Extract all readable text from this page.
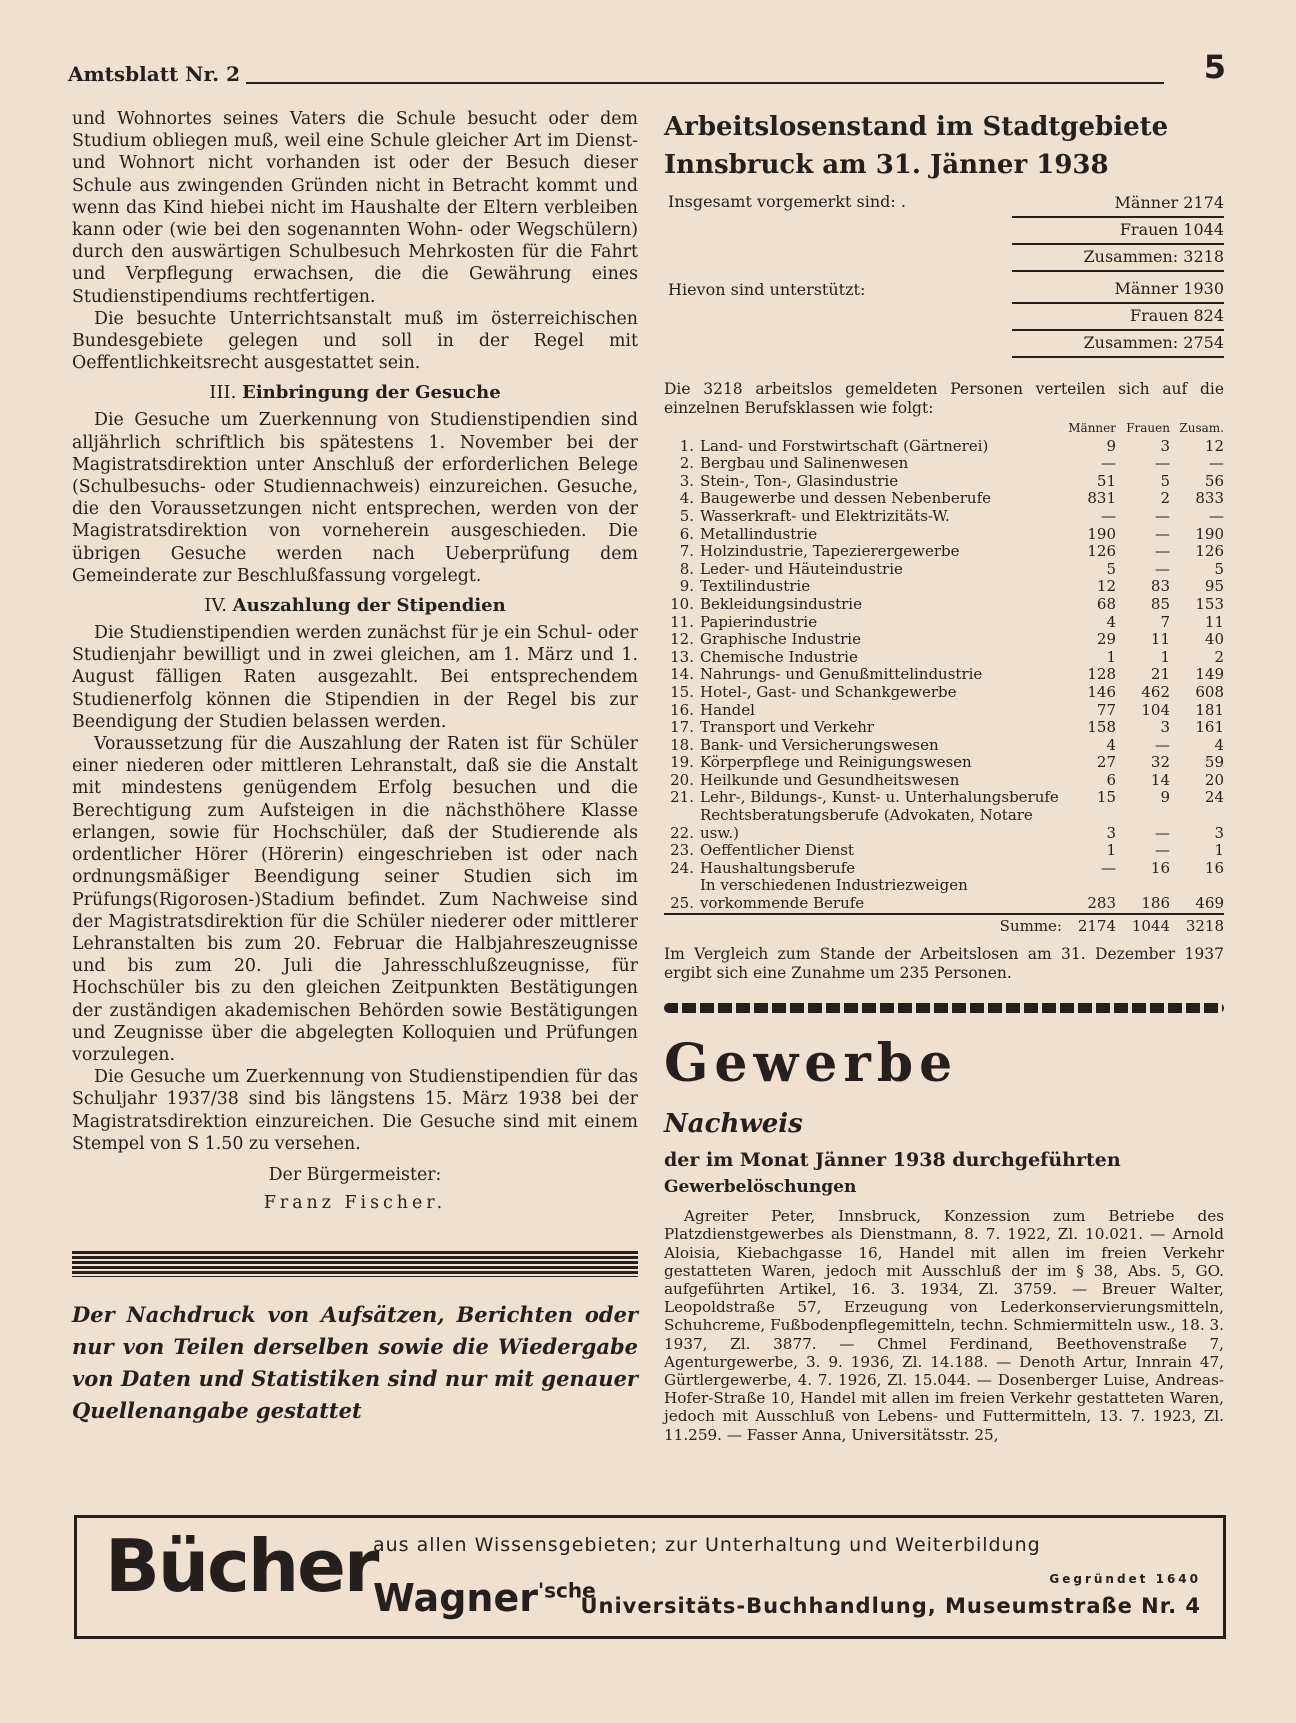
Amtsblatt Nr. 2	5

und Wohnortes seines Vaters die Schule besucht oder dem Studium obliegen muß, weil eine Schule gleicher Art im Dienst- und Wohnort nicht vorhanden ist oder der Besuch dieser Schule aus zwingenden Gründen nicht in Betracht kommt und wenn das Kind hiebei nicht im Haushalte der Eltern verbleiben kann oder (wie bei den sogenannten Wohn- oder Wegschülern) durch den auswärtigen Schulbesuch Mehrkosten für die Fahrt und Verpflegung erwachsen, die die Gewährung eines Studienstipendiums rechtfertigen.

Die besuchte Unterrichtsanstalt muß im österreichischen Bundesgebiete gelegen und soll in der Regel mit Oeffentlichkeitsrecht ausgestattet sein.

III. Einbringung der Gesuche

Die Gesuche um Zuerkennung von Studienstipendien sind alljährlich schriftlich bis spätestens 1. November bei der Magistratsdirektion unter Anschluß der erforderlichen Belege (Schulbesuchs- oder Studiennachweis) einzureichen. Gesuche, die den Voraussetzungen nicht entsprechen, werden von der Magistratsdirektion von vorneherein ausgeschieden. Die übrigen Gesuche werden nach Ueberprüfung dem Gemeinderate zur Beschlußfassung vorgelegt.

IV. Auszahlung der Stipendien

Die Studienstipendien werden zunächst für je ein Schul- oder Studienjahr bewilligt und in zwei gleichen, am 1. März und 1. August fälligen Raten ausgezahlt. Bei entsprechendem Studienerfolg können die Stipendien in der Regel bis zur Beendigung der Studien belassen werden.

Voraussetzung für die Auszahlung der Raten ist für Schüler einer niederen oder mittleren Lehranstalt, daß sie die Anstalt mit mindestens genügendem Erfolg besuchen und die Berechtigung zum Aufsteigen in die nächsthöhere Klasse erlangen, sowie für Hochschüler, daß der Studierende als ordentlicher Hörer (Hörerin) eingeschrieben ist oder nach ordnungsmäßiger Beendigung seiner Studien sich im Prüfungs(Rigorosen-)Stadium befindet. Zum Nachweise sind der Magistratsdirektion für die Schüler niederer oder mittlerer Lehranstalten bis zum 20. Februar die Halbjahreszeugnisse und bis zum 20. Juli die Jahresschlußzeugnisse, für Hochschüler bis zu den gleichen Zeitpunkten Bestätigungen der zuständigen akademischen Behörden sowie Bestätigungen und Zeugnisse über die abgelegten Kolloquien und Prüfungen vorzulegen.

Die Gesuche um Zuerkennung von Studienstipendien für das Schuljahr 1937/38 sind bis längstens 15. März 1938 bei der Magistratsdirektion einzureichen. Die Gesuche sind mit einem Stempel von S 1.50 zu versehen.

Der Bürgermeister:
Franz Fischer.

Der Nachdruck von Aufsätzen, Berichten oder nur von Teilen derselben sowie die Wiedergabe von Daten und Statistiken sind nur mit genauer Quellenangabe gestattet

Arbeitslosenstand im Stadtgebiete

Innsbruck am 31. Jänner 1938

Insgesamt vorgemerkt sind: .	Männer 2174
Frauen 1044
Zusammen: 3218
Hievon sind unterstützt:	Männer 1930
Frauen 824
Zusammen: 2754

Die 3218 arbeitslos gemeldeten Personen verteilen sich auf die einzelnen Berufsklassen wie folgt:

		Männer	Frauen	Zusam.
1.	Land- und Forstwirtschaft (Gärtnerei)	9	3	12
2.	Bergbau und Salinenwesen	—	—	—
3.	Stein-, Ton-, Glasindustrie	51	5	56
4.	Baugewerbe und dessen Nebenberufe	831	2	833
5.	Wasserkraft- und Elektrizitäts-W.	—	—	—
6.	Metallindustrie	190	—	190
7.	Holzindustrie, Tapezierergewerbe	126	—	126
8.	Leder- und Häuteindustrie	5	—	5
9.	Textilindustrie	12	83	95
10.	Bekleidungsindustrie	68	85	153
11.	Papierindustrie	4	7	11
12.	Graphische Industrie	29	11	40
13.	Chemische Industrie	1	1	2
14.	Nahrungs- und Genußmittelindustrie	128	21	149
15.	Hotel-, Gast- und Schankgewerbe	146	462	608
16.	Handel	77	104	181
17.	Transport und Verkehr	158	3	161
18.	Bank- und Versicherungswesen	4	—	4
19.	Körperpflege und Reinigungswesen	27	32	59
20.	Heilkunde und Gesundheitswesen	6	14	20
21.	Lehr-, Bildungs-, Kunst- u. Unterhalungsberufe	15	9	24
22.	Rechtsberatungsberufe (Advokaten, Notare usw.)	3	—	3
23.	Oeffentlicher Dienst	1	—	1
24.	Haushaltungsberufe	—	16	16
25.	In verschiedenen Industriezweigen vorkommende Berufe	283	186	469
	Summe:	2174	1044	3218

Im Vergleich zum Stande der Arbeitslosen am 31. Dezember 1937 ergibt sich eine Zunahme um 235 Personen.

Gewerbe

Nachweis

der im Monat Jänner 1938 durchgeführten

Gewerbelöschungen

Agreiter Peter, Innsbruck, Konzession zum Betriebe des Platzdienstgewerbes als Dienstmann, 8. 7. 1922, Zl. 10.021. — Arnold Aloisia, Kiebachgasse 16, Handel mit allen im freien Verkehr gestatteten Waren, jedoch mit Ausschluß der im § 38, Abs. 5, GO. aufgeführten Artikel, 16. 3. 1934, Zl. 3759. — Breuer Walter, Leopoldstraße 57, Erzeugung von Lederkonservierungsmitteln, Schuhcreme, Fußbodenpflegemitteln, techn. Schmiermitteln usw., 18. 3. 1937, Zl. 3877. — Chmel Ferdinand, Beethovenstraße 7, Agenturgewerbe, 3. 9. 1936, Zl. 14.188. — Denoth Artur, Innrain 47, Gürtlergewerbe, 4. 7. 1926, Zl. 15.044. — Dosenberger Luise, Andreas-Hofer-Straße 10, Handel mit allen im freien Verkehr gestatteten Waren, jedoch mit Ausschluß von Lebens- und Futtermitteln, 13. 7. 1923, Zl. 11.259. — Fasser Anna, Universitätsstr. 25,

Bücher
aus allen Wissensgebieten; zur Unterhaltung und Weiterbildung
Wagner$^{'sche}$	Gegründet 1640
Universitäts-Buchhandlung, Museumstraße Nr. 4
